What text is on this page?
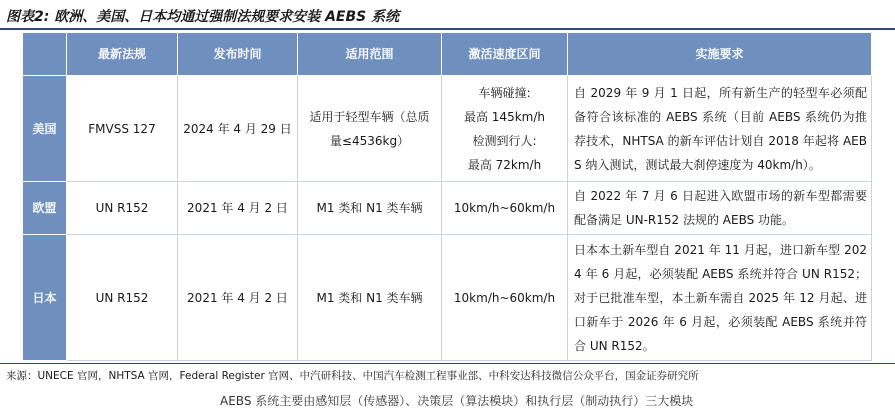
图表2: 欧洲、美国、日本均通过强制法规要求安装 AEBS 系统
	最新法规	发布时间	适用范围	激活速度区间	实施要求
美国	FMVSS 127	2024 年 4 月 29 日	适用于轻型车辆（总质
量≤4536kg）	车辆碰撞:
最高 145km/h
检测到行人:
最高 72km/h	自 2029 年 9 月 1 日起，所有新生产的轻型车必须配备符合该标准的 AEBS 系统（目前 AEBS 系统仍为推荐技术，NHTSA 的新车评估计划自 2018 年起将 AEBS 纳入测试，测试最大刹停速度为 40km/h）。
欧盟	UN R152	2021 年 4 月 2 日	M1 类和 N1 类车辆	10km/h~60km/h	自 2022 年 7 月 6 日起进入欧盟市场的新车型都需要配备满足 UN-R152 法规的 AEBS 功能。
日本	UN R152	2021 年 4 月 2 日	M1 类和 N1 类车辆	10km/h~60km/h	日本本土新车型自 2021 年 11 月起，进口新车型 2024 年 6 月起，必须装配 AEBS 系统并符合 UN R152；对于已批准车型，本土新车需自 2025 年 12 月起、进口新车于 2026 年 6 月起，必须装配 AEBS 系统并符合 UN R152。
来源：UNECE 官网，NHTSA 官网，Federal Register 官网、中汽研科技、中国汽车检测工程事业部、中科安达科技微信公众平台，国金证券研究所
AEBS 系统主要由感知层（传感器）、决策层（算法模块）和执行层（制动执行）三大模块
